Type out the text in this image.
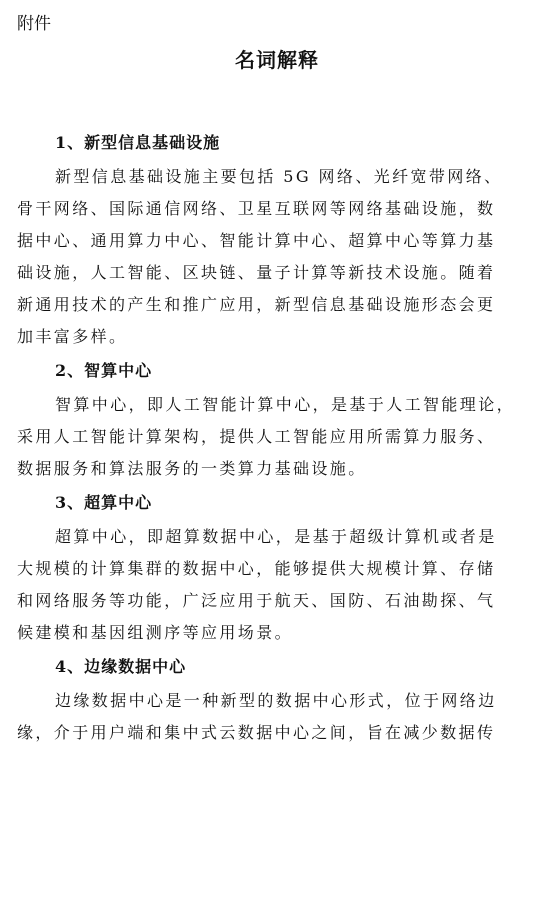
附件
名词解释
1、新型信息基础设施

新型信息基础设施主要包括 5G 网络、光纤宽带网络、
骨干网络、国际通信网络、卫星互联网等网络基础设施，数
据中心、通用算力中心、智能计算中心、超算中心等算力基
础设施，人工智能、区块链、量子计算等新技术设施。随着
新通用技术的产生和推广应用，新型信息基础设施形态会更
加丰富多样。

2、智算中心

智算中心，即人工智能计算中心，是基于人工智能理论，
采用人工智能计算架构，提供人工智能应用所需算力服务、
数据服务和算法服务的一类算力基础设施。

3、超算中心

超算中心，即超算数据中心，是基于超级计算机或者是
大规模的计算集群的数据中心，能够提供大规模计算、存储
和网络服务等功能，广泛应用于航天、国防、石油勘探、气
候建模和基因组测序等应用场景。

4、边缘数据中心

边缘数据中心是一种新型的数据中心形式，位于网络边
缘，介于用户端和集中式云数据中心之间，旨在减少数据传
